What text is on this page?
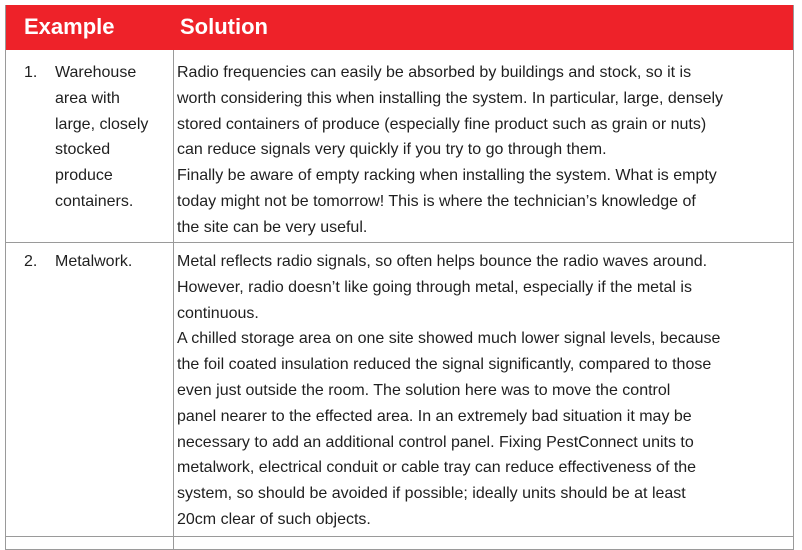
Example	Solution
1. Warehouse
area with
large, closely
stocked
produce
containers.
Radio frequencies can easily be absorbed by buildings and stock, so it is
worth considering this when installing the system. In particular, large, densely
stored containers of produce (especially fine product such as grain or nuts)
can reduce signals very quickly if you try to go through them.
Finally be aware of empty racking when installing the system. What is empty
today might not be tomorrow! This is where the technician’s knowledge of
the site can be very useful.
2. Metalwork.	Metal reflects radio signals, so often helps bounce the radio waves around.
However, radio doesn’t like going through metal, especially if the metal is
continuous.
A chilled storage area on one site showed much lower signal levels, because
the foil coated insulation reduced the signal significantly, compared to those
even just outside the room. The solution here was to move the control
panel nearer to the effected area. In an extremely bad situation it may be
necessary to add an additional control panel. Fixing PestConnect units to
metalwork, electrical conduit or cable tray can reduce effectiveness of the
system, so should be avoided if possible; ideally units should be at least
20cm clear of such objects.
